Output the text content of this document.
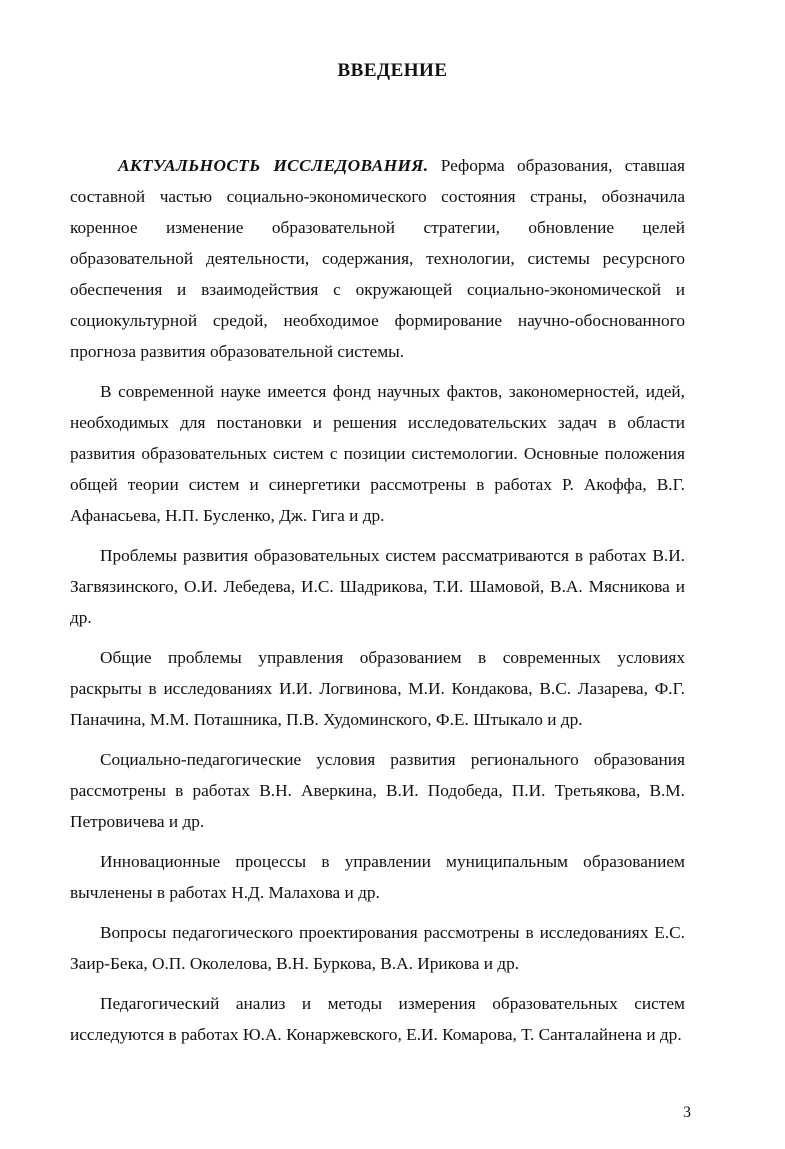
ВВЕДЕНИЕ

АКТУАЛЬНОСТЬ ИССЛЕДОВАНИЯ. Реформа образования, ставшая составной частью социально-экономического состояния страны, обозначила коренное изменение образовательной стратегии, обновление целей образовательной деятельности, содержания, технологии, системы ресурсного обеспечения и взаимодействия с окружающей социально-экономической и социокультурной средой, необходимое формирование научно-обоснованного прогноза развития образовательной системы.

В современной науке имеется фонд научных фактов, закономерностей, идей, необходимых для постановки и решения исследовательских задач в области развития образовательных систем с позиции системологии. Основные положения общей теории систем и синергетики рассмотрены в работах Р. Акоффа, В.Г. Афанасьева, Н.П. Бусленко, Дж. Гига и др.

Проблемы развития образовательных систем рассматриваются в работах В.И. Загвязинского, О.И. Лебедева, И.С. Шадрикова, Т.И. Шамовой, В.А. Мясникова и др.

Общие проблемы управления образованием в современных условиях раскрыты в исследованиях И.И. Логвинова, М.И. Кондакова, В.С. Лазарева, Ф.Г. Паначина, М.М. Поташника, П.В. Худоминского, Ф.Е. Штыкало и др.

Социально-педагогические условия развития регионального образования рассмотрены в работах В.Н. Аверкина, В.И. Подобеда, П.И. Третьякова, В.М. Петровичева и др.

Инновационные процессы в управлении муниципальным образованием вычленены в работах Н.Д. Малахова и др.

Вопросы педагогического проектирования рассмотрены в исследованиях Е.С. Заир-Бека, О.П. Околелова, В.Н. Буркова, В.А. Ирикова и др.

Педагогический анализ и методы измерения образовательных систем исследуются в работах Ю.А. Конаржевского, Е.И. Комарова, Т. Санталайнена и др.

3
